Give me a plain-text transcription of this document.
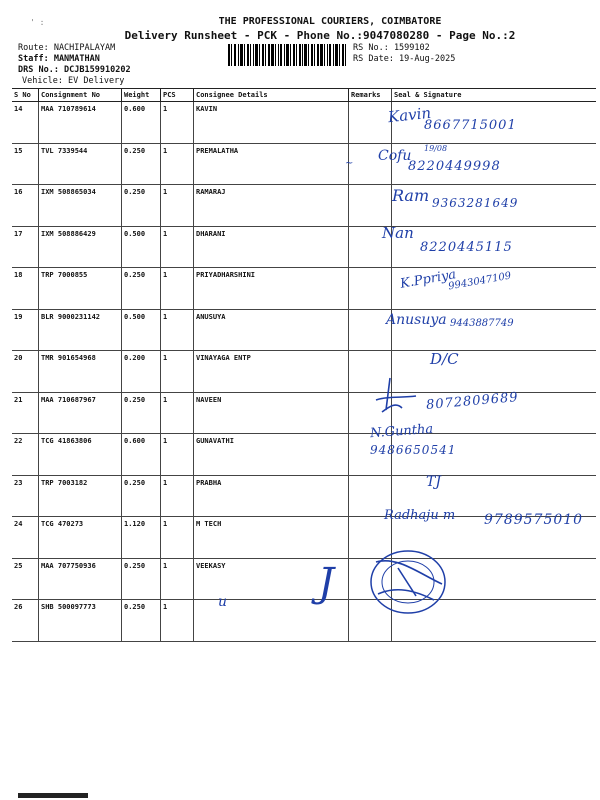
' :	THE PROFESSIONAL COURIERS, COIMBATORE
Delivery Runsheet - PCK - Phone No.:9047080280 - Page No.:2
Route: NACHIPALAYAM
Staff: MANMATHAN
DRS No.: DCJB159910202
RS No.: 1599102
RS Date: 19-Aug-2025
Vehicle: EV Delivery
S No	Consignment No	Weight	PCS	Consignee Details	Remarks	Seal & Signature
14	MAA 710789614	0.600	1	KAVIN		
15	TVL 7339544	0.250	1	PREMALATHA		
16	IXM 508865034	0.250	1	RAMARAJ		
17	IXM 508886429	0.500	1	DHARANI		
18	TRP 7000855	0.250	1	PRIYADHARSHINI		
19	BLR 9000231142	0.500	1	ANUSUYA		
20	TMR 901654968	0.200	1	VINAYAGA ENTP		
21	MAA 710687967	0.250	1	NAVEEN		
22	TCG 41863806	0.600	1	GUNAVATHI		
23	TRP 7003182	0.250	1	PRABHA		
24	TCG 470273	1.120	1	M TECH		
25	MAA 707750936	0.250	1	VEEKASY		
26	SHB 500097773	0.250	1			
Kavin
8667715001
~ Cofu 19/08
8220449998
Ram 9363281649
Nan
8220445115
K.Ppriya
9943047109
Anusuya 9443887749
D/C
8072809689
N.Guntha
9486650541
TJ
Radhaju m 9789575010
u J
